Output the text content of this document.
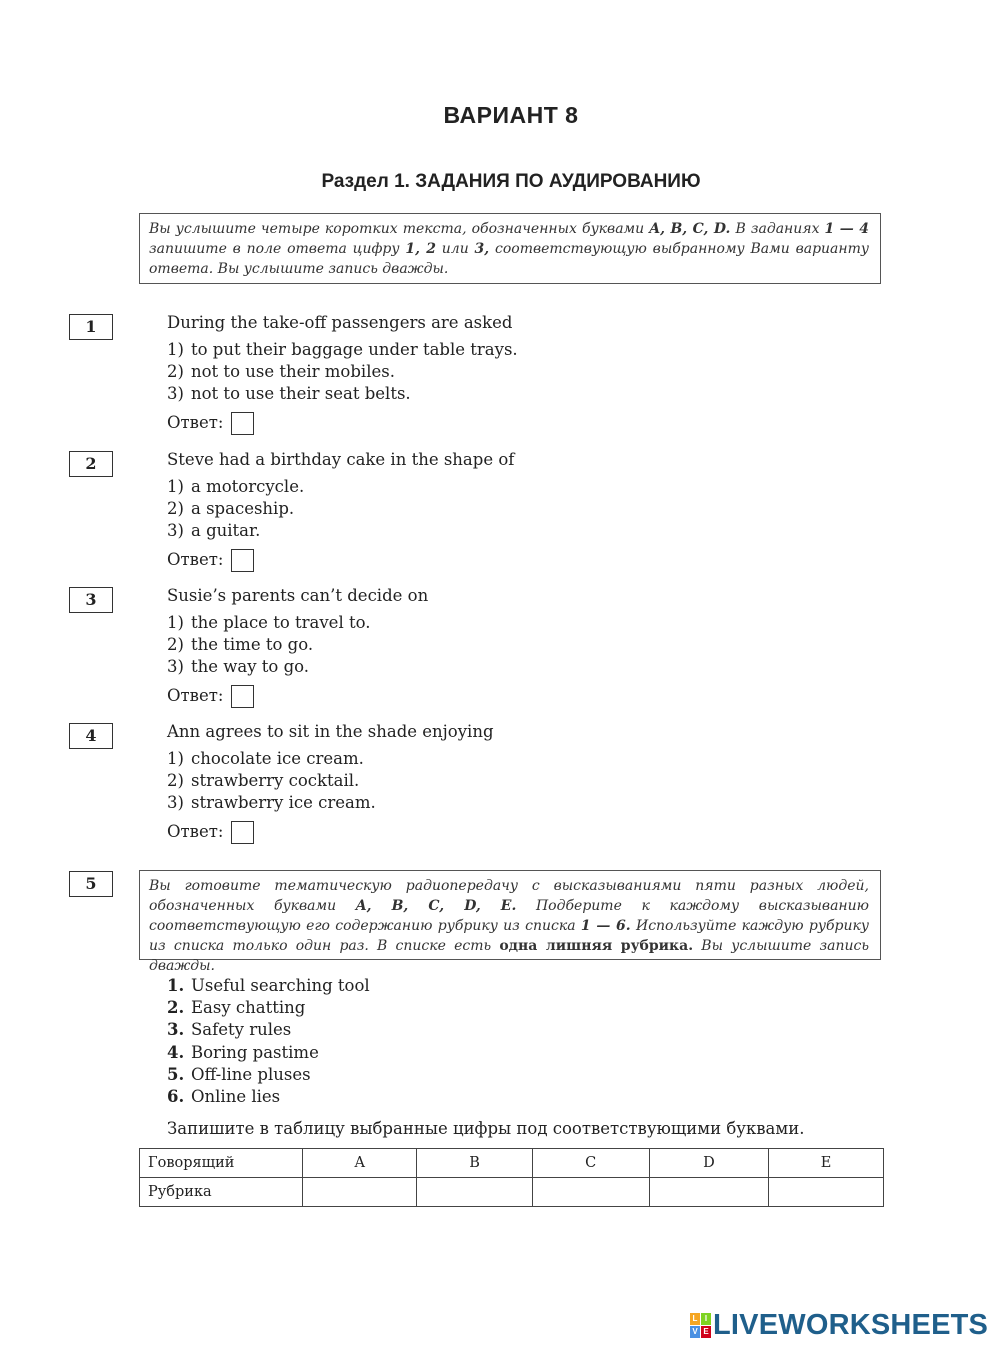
ВАРИАНТ 8
Раздел 1. ЗАДАНИЯ ПО АУДИРОВАНИЮ
Вы услышите четыре коротких текста, обозначенных буквами A, B, C, D. В заданиях 1 — 4 запишите в поле ответа цифру 1, 2 или 3, соответствующую выбранному Вами варианту ответа. Вы услышите запись дважды.
1	During the take-off passengers are asked
1) to put their baggage under table trays.
2) not to use their mobiles.
3) not to use their seat belts.
Ответ:
2	Steve had a birthday cake in the shape of
1) a motorcycle.
2) a spaceship.
3) a guitar.
Ответ:
3	Susie’s parents can’t decide on
1) the place to travel to.
2) the time to go.
3) the way to go.
Ответ:
4	Ann agrees to sit in the shade enjoying
1) chocolate ice cream.
2) strawberry cocktail.
3) strawberry ice cream.
Ответ:
5	Вы готовите тематическую радиопередачу с высказываниями пяти разных людей, обозначенных буквами A, B, C, D, E. Подберите к каждому высказыванию соответствующую его содержанию рубрику из списка 1 — 6. Используйте каждую рубрику из списка только один раз. В списке есть одна лишняя рубрика. Вы услышите запись дважды.
1. Useful searching tool
2. Easy chatting
3. Safety rules
4. Boring pastime
5. Off-line pluses
6. Online lies
Запишите в таблицу выбранные цифры под соответствующими буквами.
Говорящий	A	B	C	D	E
Рубрика					
L I
V E LIVEWORKSHEETS
